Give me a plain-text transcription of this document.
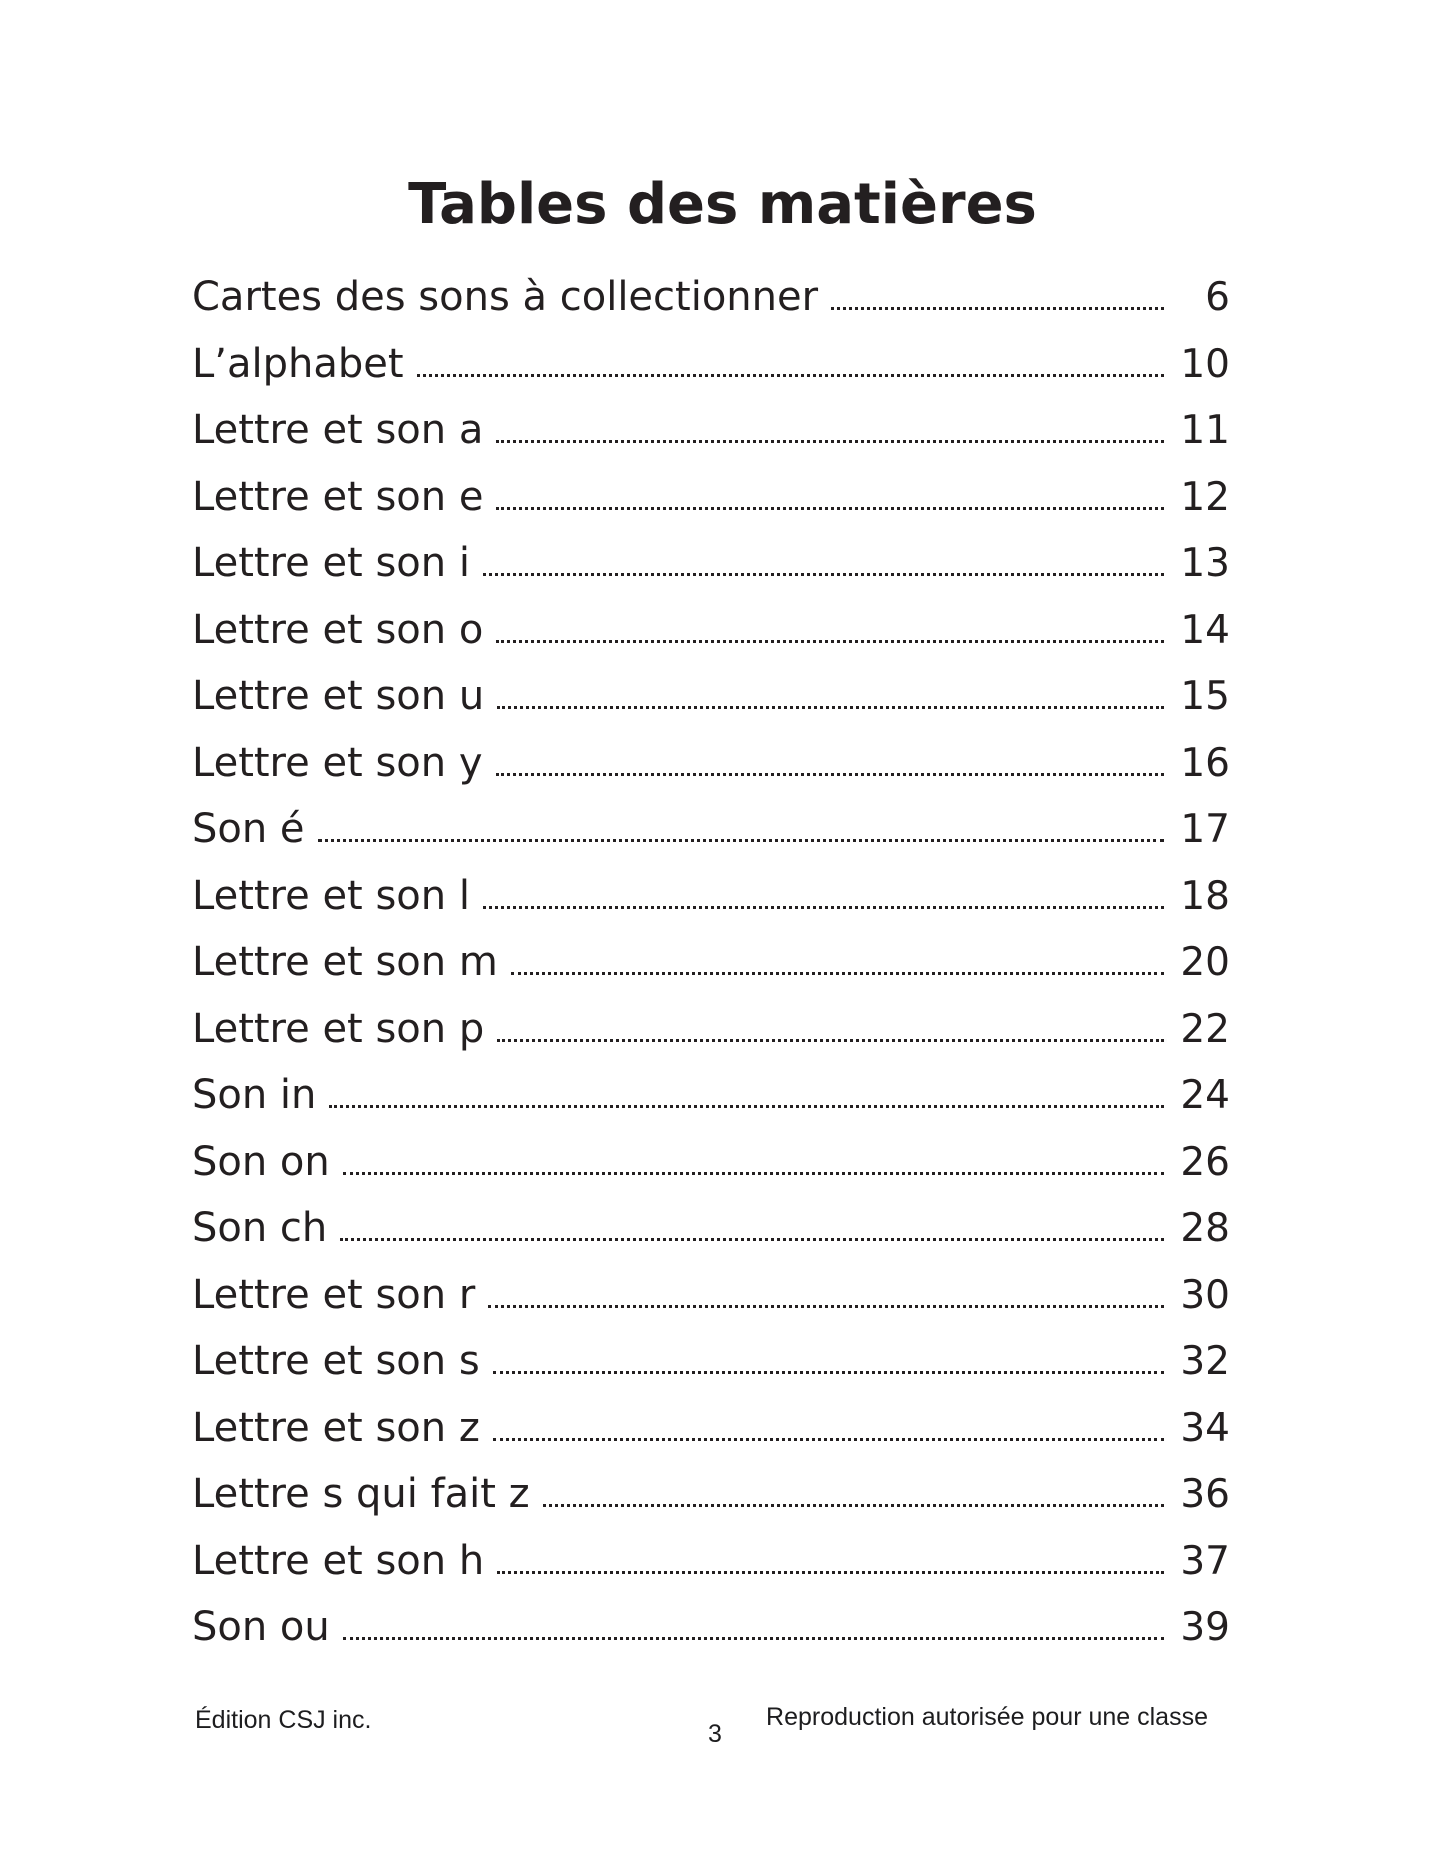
Tables des matières
Cartes des sons à collectionner	6
L’alphabet	10
Lettre et son a	11
Lettre et son e	12
Lettre et son i	13
Lettre et son o	14
Lettre et son u	15
Lettre et son y	16
Son é	17
Lettre et son l	18
Lettre et son m	20
Lettre et son p	22
Son in	24
Son on	26
Son ch	28
Lettre et son r	30
Lettre et son s	32
Lettre et son z	34
Lettre s qui fait z	36
Lettre et son h	37
Son ou	39
Édition CSJ inc.	3
Reproduction autorisée pour une classe
